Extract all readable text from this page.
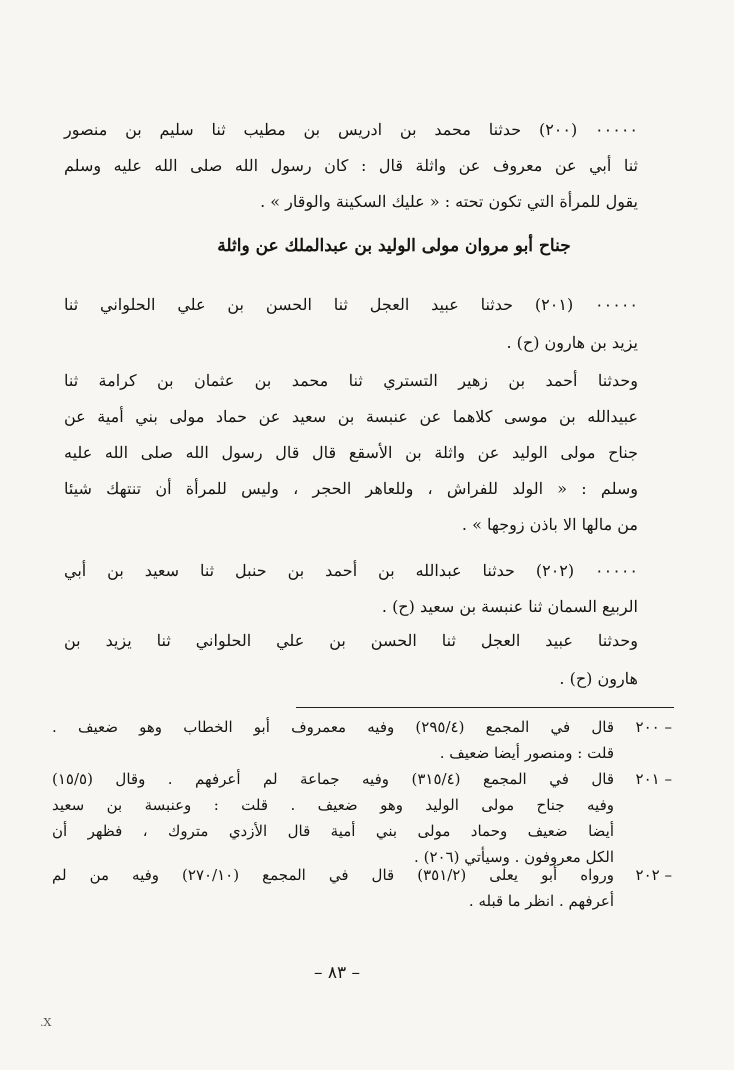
٠٠٠٠٠ (٢٠٠) حدثنا محمد بن ادريس بن مطيب ثنا سليم بن منصور
ثنا أبي عن معروف عن واثلة قال : كان رسول الله صلى الله عليه وسلم
يقول للمرأة التي تكون تحته : « عليك السكينة والوقار » .
جناح أبو مروان مولى الوليد بن عبدالملك عن واثلة
٠٠٠٠٠ (٢٠١) حدثنا عبيد العجل ثنا الحسن بن علي الحلواني ثنا
يزيد بن هارون (ح) .
وحدثنا أحمد بن زهير التستري ثنا محمد بن عثمان بن كرامة ثنا
عبيدالله بن موسى كلاهما عن عنبسة بن سعيد عن حماد مولى بني أمية عن
جناح مولى الوليد عن واثلة بن الأسقع قال قال رسول الله صلى الله عليه
وسلم : « الولد للفراش ، وللعاهر الحجر ، وليس للمرأة أن تنتهك شيئا
من مالها الا باذن زوجها » .
٠٠٠٠٠ (٢٠٢) حدثنا عبدالله بن أحمد بن حنبل ثنا سعيد بن أبي
الربيع السمان ثنا عنبسة بن سعيد (ح) .
وحدثنا عبيد العجل ثنا الحسن بن علي الحلواني ثنا يزيد بن
هارون (ح) .
٢٠٠ –
قال في المجمع (٢٩٥/٤) وفيه معمروف أبو الخطاب وهو ضعيف .
قلت : ومنصور أيضا ضعيف .
٢٠١ –
قال في المجمع (٣١٥/٤) وفيه جماعة لم أعرفهم . وقال (١٥/٥)
وفيه جناح مولى الوليد وهو ضعيف . قلت : وعنبسة بن سعيد
أيضا ضعيف وحماد مولى بني أمية قال الأزدي متروك ، فظهر أن
الكل معروفون . وسيأتي (٢٠٦) .
٢٠٢ –
ورواه أبو يعلى (٣٥١/٢) قال في المجمع (٢٧٠/١٠) وفيه من لم
أعرفهم . انظر ما قبله .
– ٨٣ –
X.
